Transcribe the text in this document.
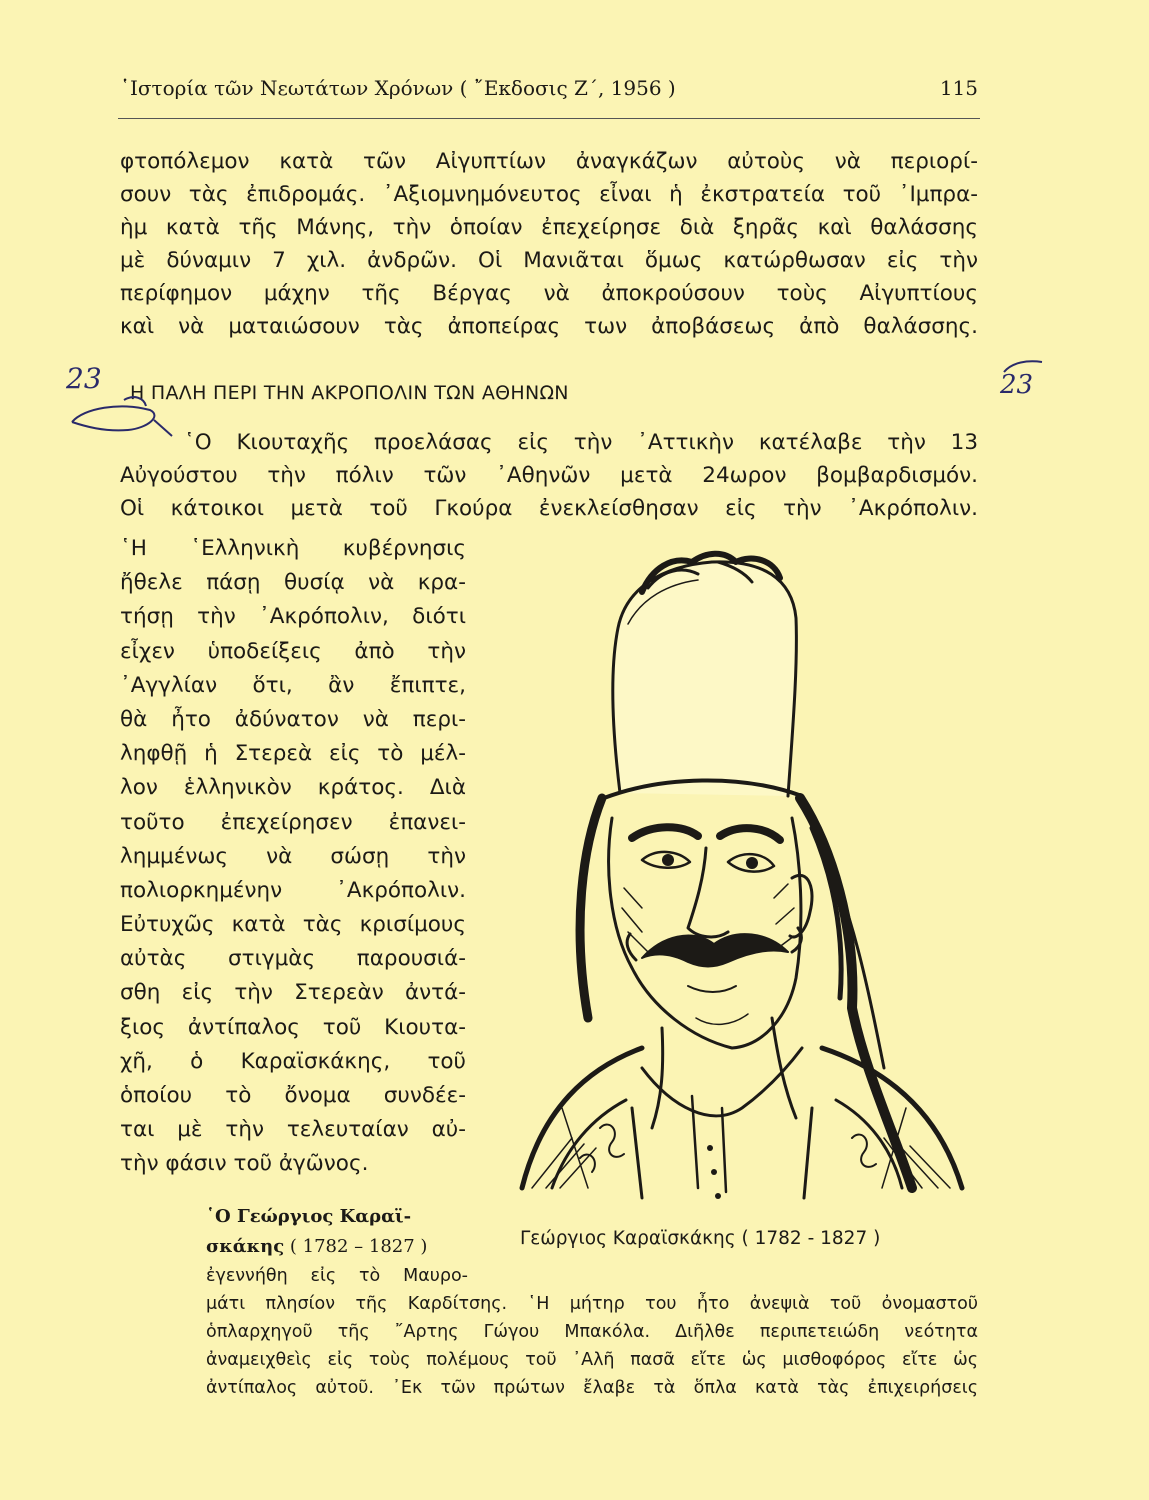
῾Ιστορία τῶν Νεωτάτων Χρόνων ( ῎Εκδοσις Ζ΄, 1956 )	115
φτοπόλεμον κατὰ τῶν Αἰγυπτίων ἀναγκάζων αὐτοὺς νὰ περιορί-
σουν τὰς ἐπιδρομάς. ᾿Αξιομνημόνευτος εἶναι ἡ ἐκστρατεία τοῦ ᾿Ιμπρα-
ὴμ κατὰ τῆς Μάνης, τὴν ὁποίαν ἐπεχείρησε διὰ ξηρᾶς καὶ θαλάσσης
μὲ δύναμιν 7 χιλ. ἀνδρῶν. Οἱ Μανιᾶται ὅμως κατώρθωσαν εἰς τὴν
περίφημον μάχην τῆς Βέργας νὰ ἀποκρούσουν τοὺς Αἰγυπτίους
καὶ νὰ ματαιώσουν τὰς ἀποπείρας των ἀποβάσεως ἀπὸ θαλάσσης.
Η ΠΑΛΗ ΠΕΡΙ ΤΗΝ ΑΚΡΟΠΟΛΙΝ ΤΩΝ ΑΘΗΝΩΝ
῾Ο Κιουταχῆς προελάσας εἰς τὴν ᾿Αττικὴν κατέλαβε τὴν 13
Αὐγούστου τὴν πόλιν τῶν ᾿Αθηνῶν μετὰ 24ωρον βομβαρδισμόν.
Οἱ κάτοικοι μετὰ τοῦ Γκούρα ἐνεκλείσθησαν εἰς τὴν ᾿Ακρόπολιν.
῾Η ῾Ελληνικὴ κυβέρνησις
ἤθελε πάσῃ θυσίᾳ νὰ κρα-
τήσῃ τὴν ᾿Ακρόπολιν, διότι
εἶχεν ὑποδείξεις ἀπὸ τὴν
᾿Αγγλίαν ὅτι, ἂν ἔπιπτε,
θὰ ἦτο ἀδύνατον νὰ περι-
ληφθῇ ἡ Στερεὰ εἰς τὸ μέλ-
λον ἑλληνικὸν κράτος. Διὰ
τοῦτο ἐπεχείρησεν ἐπανει-
λημμένως νὰ σώσῃ τὴν
πολιορκημένην ᾿Ακρόπολιν.
Εὐτυχῶς κατὰ τὰς κρισίμους
αὐτὰς στιγμὰς παρουσιά-
σθη εἰς τὴν Στερεὰν ἀντά-
ξιος ἀντίπαλος τοῦ Κιουτα-
χῆ, ὁ Καραϊσκάκης, τοῦ
ὁποίου τὸ ὄνομα συνδέε-
ται μὲ τὴν τελευταίαν αὐ-
τὴν φάσιν τοῦ ἀγῶνος.
῾Ο Γεώργιος Καραϊ-
σκάκης ( 1782 – 1827 )
ἐγεννήθη εἰς τὸ Μαυρο-
μάτι πλησίον τῆς Καρδίτσης. ῾Η μήτηρ του ἦτο ἀνεψιὰ τοῦ ὀνομαστοῦ
ὁπλαρχηγοῦ τῆς ῎Αρτης Γώγου Μπακόλα. Διῆλθε περιπετειώδη νεότητα
ἀναμειχθεὶς εἰς τοὺς πολέμους τοῦ ᾿Αλῆ πασᾶ εἴτε ὡς μισθοφόρος εἴτε ὡς
ἀντίπαλος αὐτοῦ. ᾿Εκ τῶν πρώτων ἔλαβε τὰ ὅπλα κατὰ τὰς ἐπιχειρήσεις
Γεώργιος Καραϊσκάκης ( 1782 - 1827 )
23	23
